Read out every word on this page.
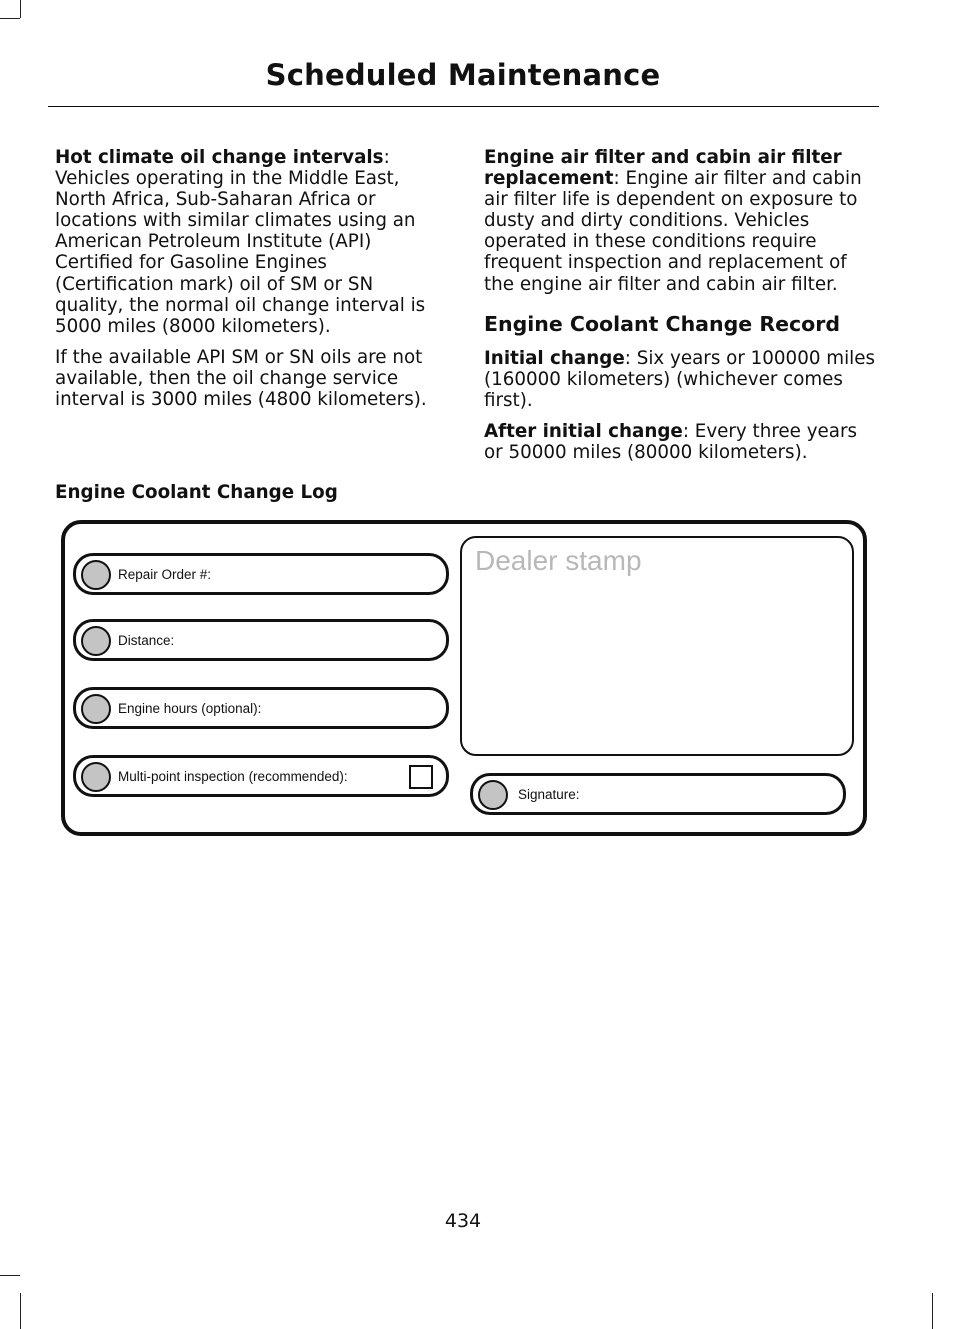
Scheduled Maintenance

Hot climate oil change intervals: Vehicles operating in the Middle East, North Africa, Sub-Saharan Africa or locations with similar climates using an American Petroleum Institute (API) Certified for Gasoline Engines (Certification mark) oil of SM or SN quality, the normal oil change interval is 5000 miles (8000 kilometers).

If the available API SM or SN oils are not available, then the oil change service interval is 3000 miles (4800 kilometers).

Engine air filter and cabin air filter replacement: Engine air filter and cabin air filter life is dependent on exposure to dusty and dirty conditions. Vehicles operated in these conditions require frequent inspection and replacement of the engine air filter and cabin air filter.

Engine Coolant Change Record

Initial change: Six years or 100000 miles (160000 kilometers) (whichever comes first).

After initial change: Every three years or 50000 miles (80000 kilometers).

Engine Coolant Change Log
Repair Order #:
Distance:
Engine hours (optional):
Multi-point inspection (recommended):
Dealer stamp
Signature:
434
